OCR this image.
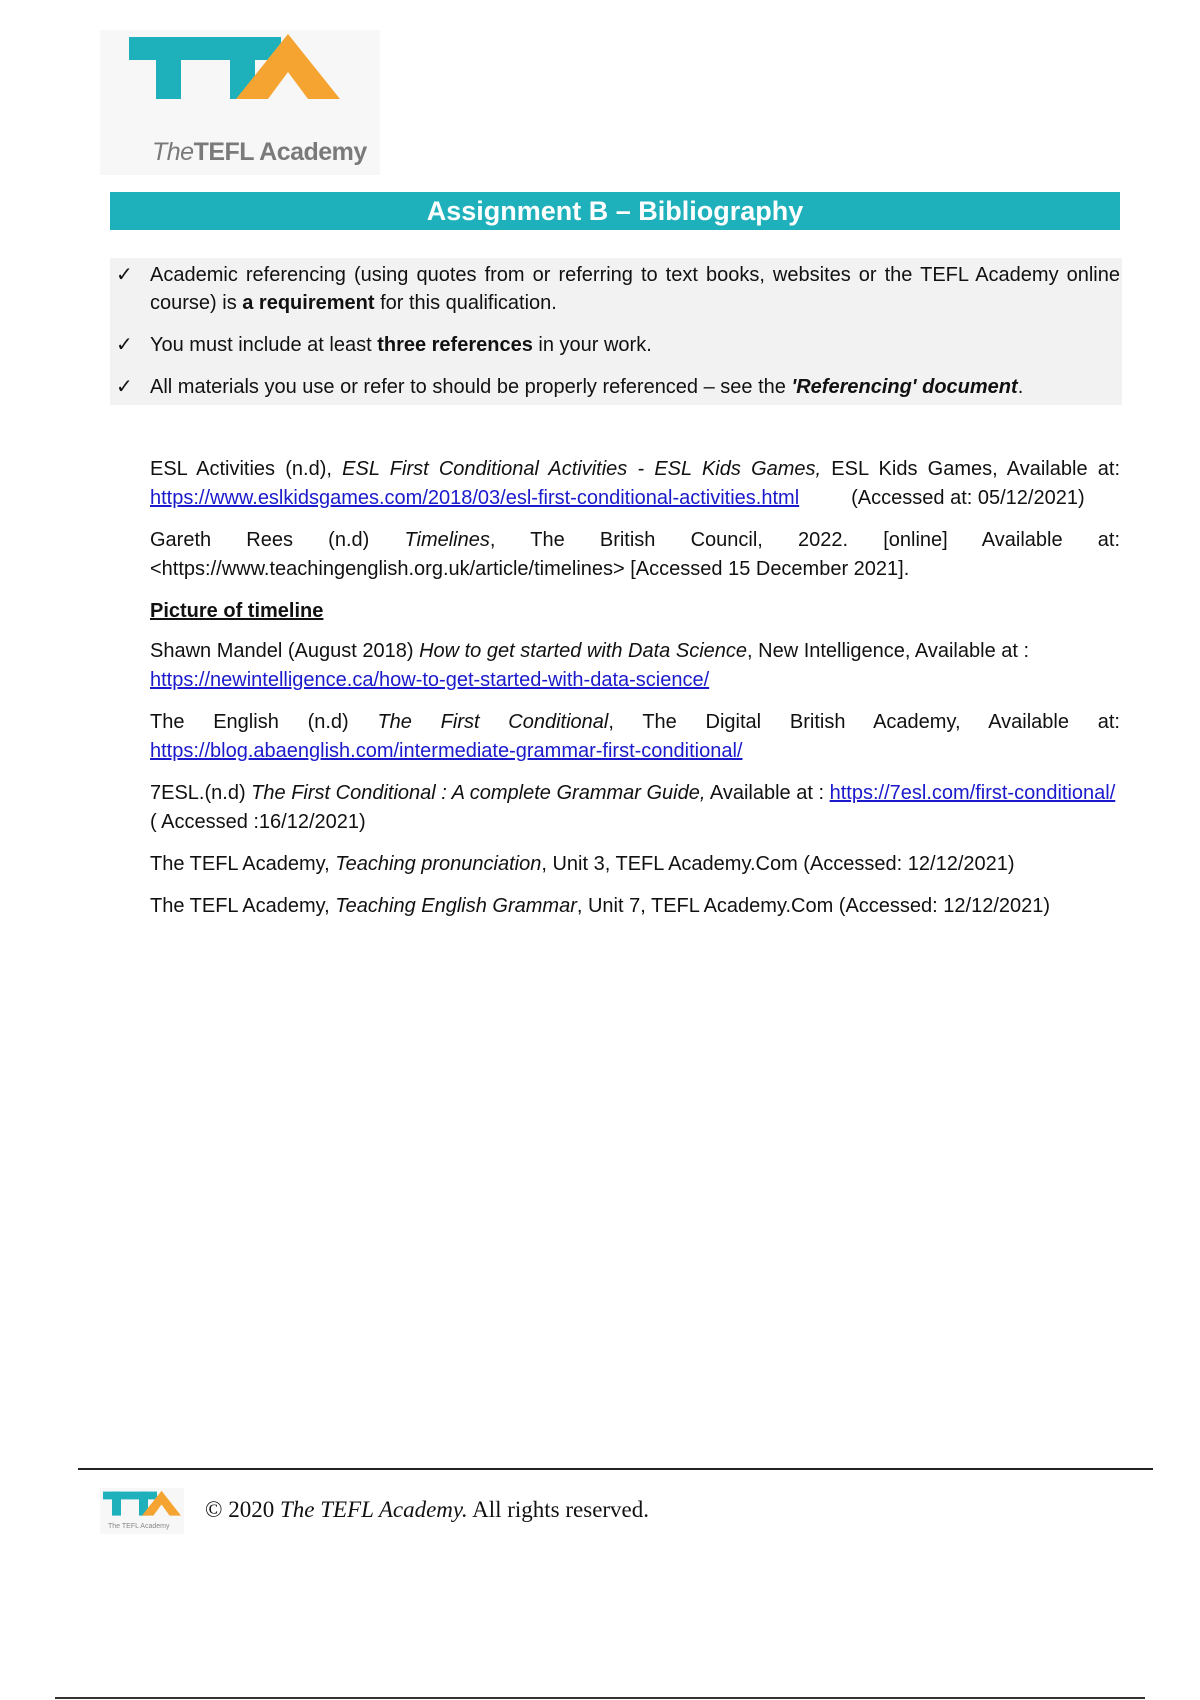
TheTEFL Academy
Assignment B – Bibliography
✓ Academic referencing (using quotes from or referring to text books, websites or the TEFL Academy online course) is a requirement for this qualification.
✓ You must include at least three references in your work.
✓ All materials you use or refer to should be properly referenced – see the 'Referencing' document.

ESL Activities (n.d), ESL First Conditional Activities - ESL Kids Games, ESL Kids Games, Available at: https://www.eslkidsgames.com/2018/03/esl-first-conditional-activities.html	(Accessed at: 05/12/2021)

Gareth Rees (n.d) Timelines, The British Council, 2022. [online] Available at: <https://www.teachingenglish.org.uk/article/timelines> [Accessed 15 December 2021].

Picture of timeline

Shawn Mandel (August 2018) How to get started with Data Science, New Intelligence, Available at :
https://newintelligence.ca/how-to-get-started-with-data-science/

The English (n.d) The First Conditional, The Digital British Academy, Available at: https://blog.abaenglish.com/intermediate-grammar-first-conditional/

7ESL.(n.d) The First Conditional : A complete Grammar Guide, Available at : https://7esl.com/first-conditional/ ( Accessed :16/12/2021)

The TEFL Academy, Teaching pronunciation, Unit 3, TEFL Academy.Com (Accessed: 12/12/2021)

The TEFL Academy, Teaching English Grammar, Unit 7, TEFL Academy.Com (Accessed: 12/12/2021)

The TEFL Academy
© 2020 The TEFL Academy. All rights reserved.
